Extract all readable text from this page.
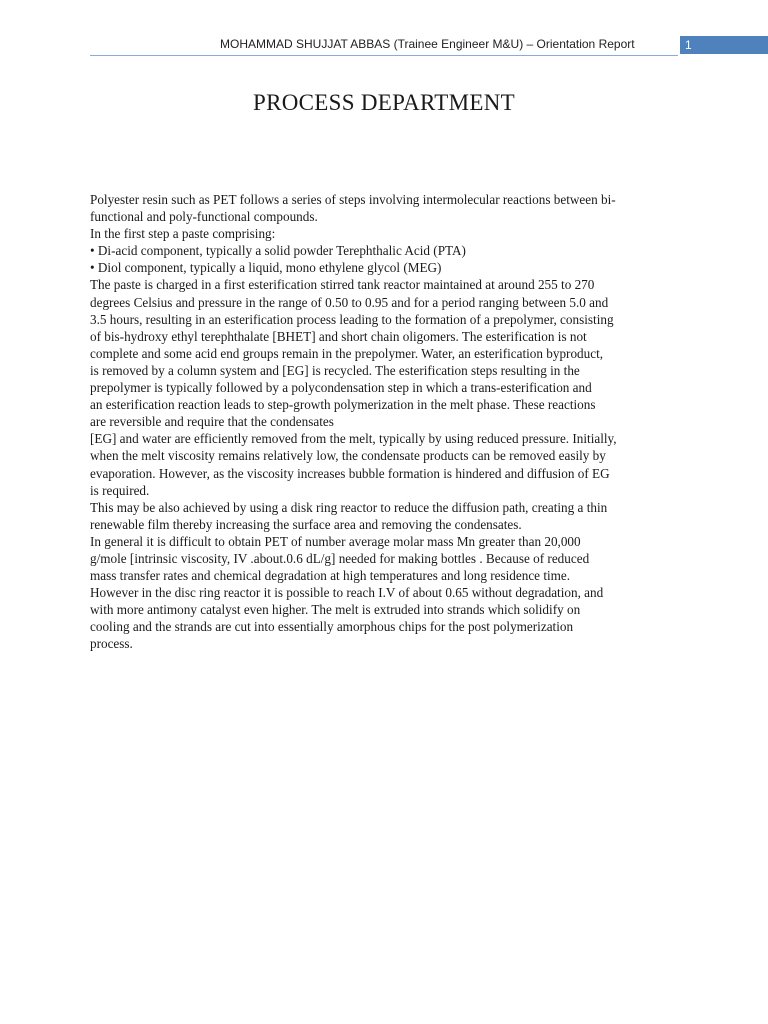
MOHAMMAD SHUJJAT ABBAS (Trainee Engineer M&U) – Orientation Report	1
PROCESS DEPARTMENT
Polyester resin such as PET follows a series of steps involving intermolecular reactions between bi-
functional and poly-functional compounds.
In the first step a paste comprising:
• Di-acid component, typically a solid powder Terephthalic Acid (PTA)
• Diol component, typically a liquid, mono ethylene glycol (MEG)
The paste is charged in a first esterification stirred tank reactor maintained at around 255 to 270
degrees Celsius and pressure in the range of 0.50 to 0.95 and for a period ranging between 5.0 and
3.5 hours, resulting in an esterification process leading to the formation of a prepolymer, consisting
of bis-hydroxy ethyl terephthalate [BHET] and short chain oligomers. The esterification is not
complete and some acid end groups remain in the prepolymer. Water, an esterification byproduct,
is removed by a column system and [EG] is recycled. The esterification steps resulting in the
prepolymer is typically followed by a polycondensation step in which a trans-esterification and
an esterification reaction leads to step-growth polymerization in the melt phase. These reactions
are reversible and require that the condensates
[EG] and water are efficiently removed from the melt, typically by using reduced pressure. Initially,
when the melt viscosity remains relatively low, the condensate products can be removed easily by
evaporation. However, as the viscosity increases bubble formation is hindered and diffusion of EG
is required.
This may be also achieved by using a disk ring reactor to reduce the diffusion path, creating a thin
renewable film thereby increasing the surface area and removing the condensates.
In general it is difficult to obtain PET of number average molar mass Mn greater than 20,000
g/mole [intrinsic viscosity, IV .about.0.6 dL/g] needed for making bottles . Because of reduced
mass transfer rates and chemical degradation at high temperatures and long residence time.
However in the disc ring reactor it is possible to reach I.V of about 0.65 without degradation, and
with more antimony catalyst even higher. The melt is extruded into strands which solidify on
cooling and the strands are cut into essentially amorphous chips for the post polymerization
process.
